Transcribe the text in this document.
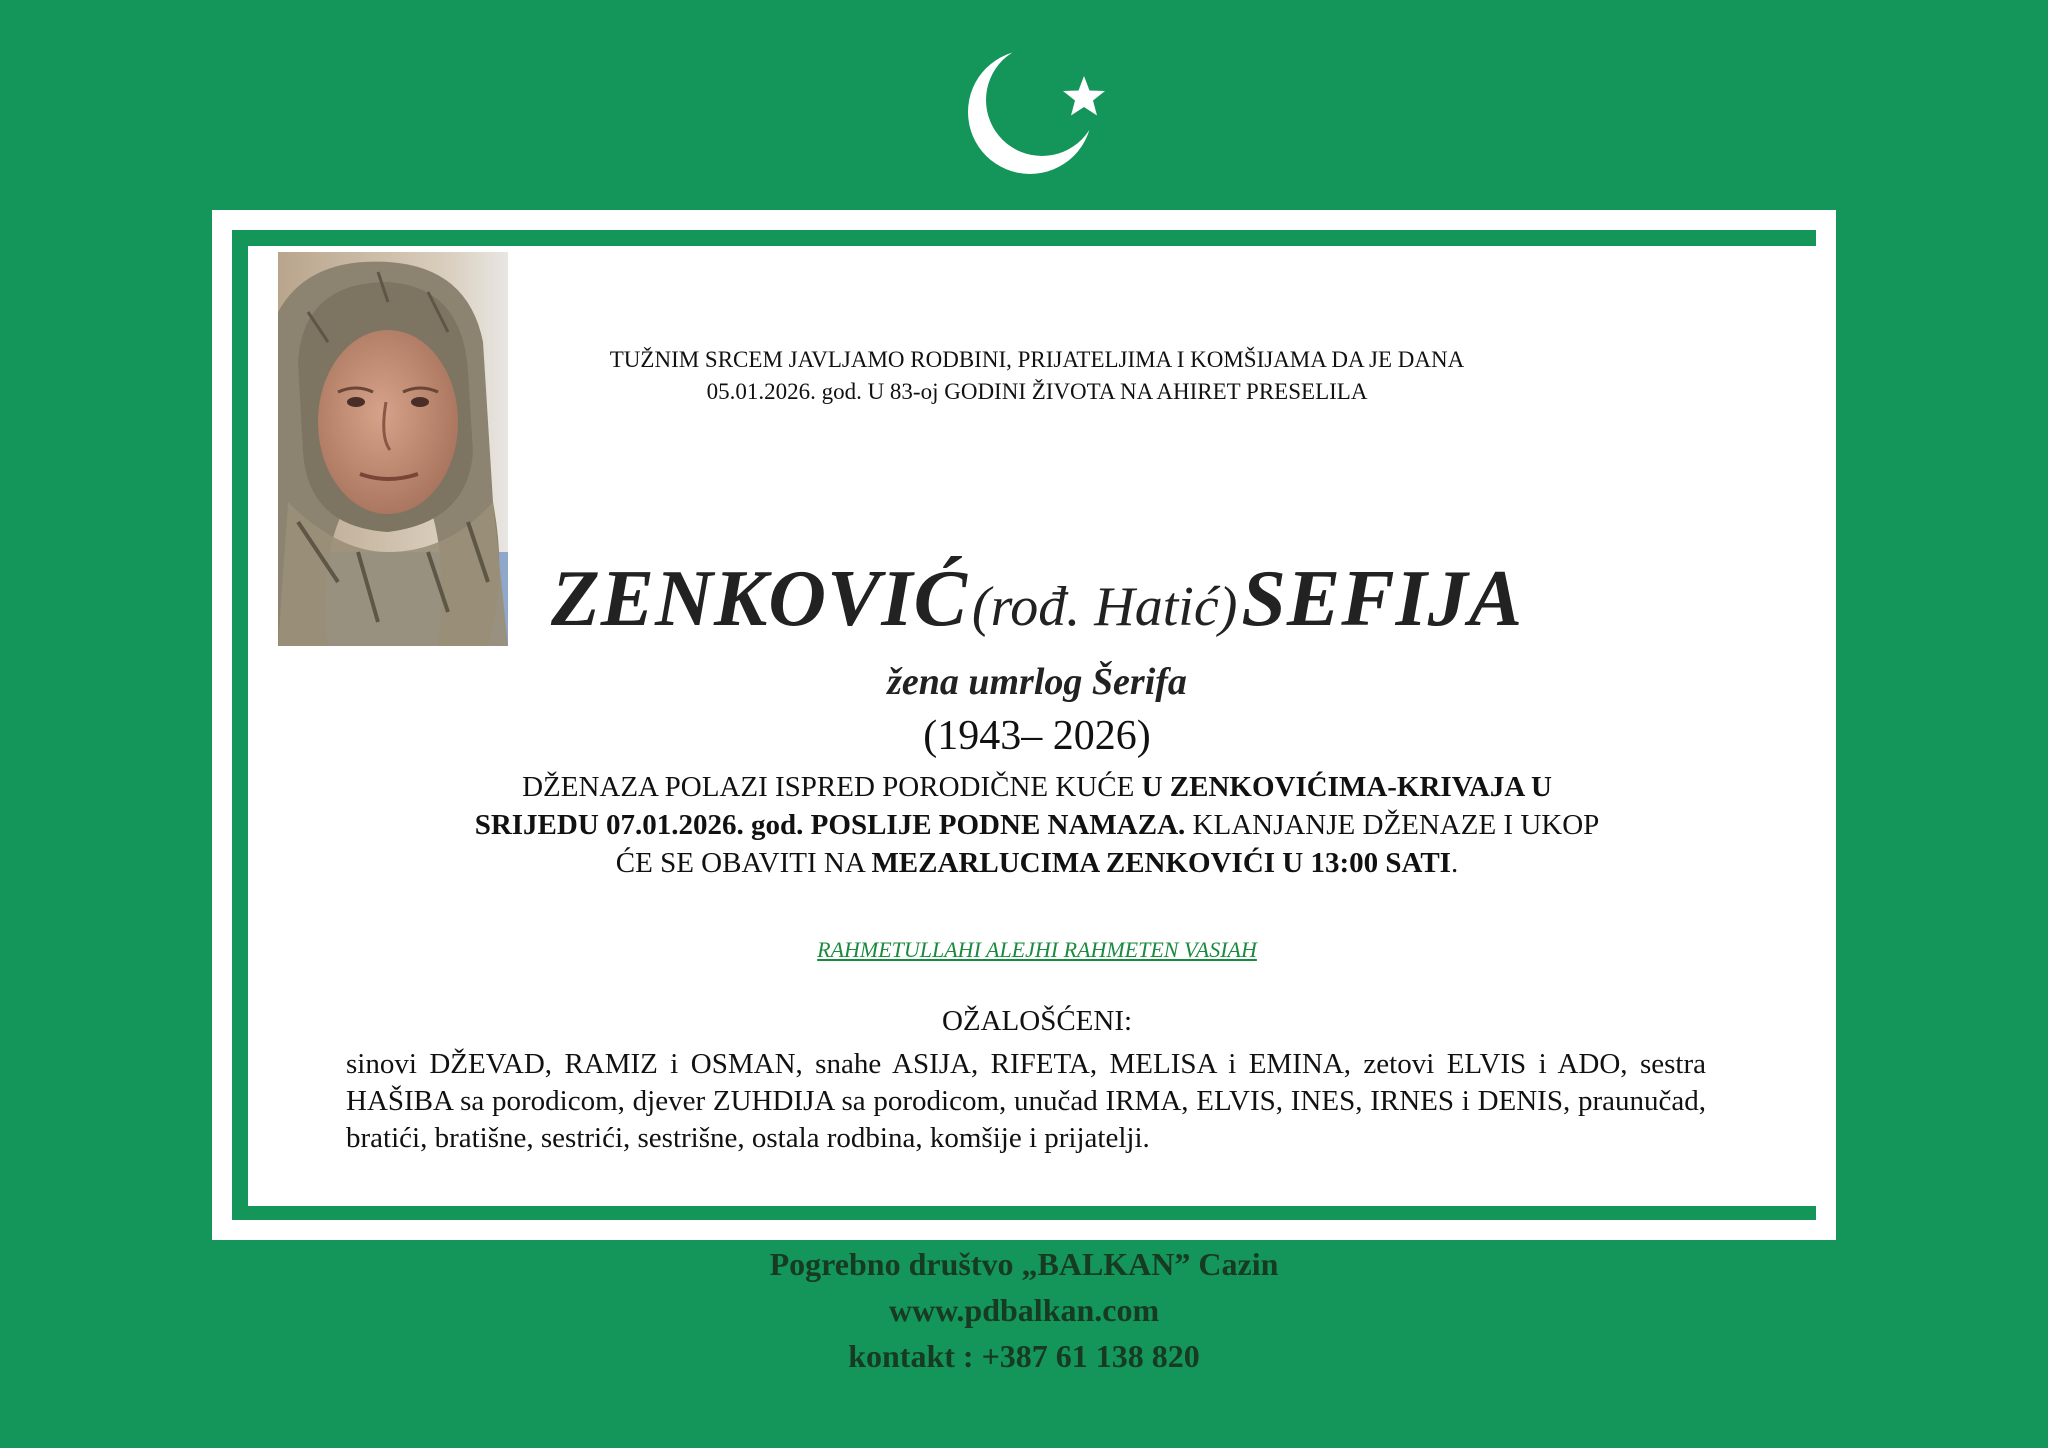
TUŽNIM SRCEM JAVLJAMO RODBINI, PRIJATELJIMA I KOMŠIJAMA DA JE DANA
05.01.2026. god. U 83-oj GODINI ŽIVOTA NA AHIRET PRESELILA
ZENKOVIĆ (rođ. Hatić) SEFIJA
žena umrlog Šerifa
(1943– 2026)
DŽENAZA POLAZI ISPRED PORODIČNE KUĆE U ZENKOVIĆIMA-KRIVAJA U
SRIJEDU 07.01.2026. god. POSLIJE PODNE NAMAZA. KLANJANJE DŽENAZE I UKOP
ĆE SE OBAVITI NA MEZARLUCIMA ZENKOVIĆI U 13:00 SATI.
RAHMETULLAHI ALEJHI RAHMETEN VASIAH
OŽALOŠĆENI:
sinovi DŽEVAD, RAMIZ i OSMAN, snahe ASIJA, RIFETA, MELISA i EMINA, zetovi ELVIS i ADO, sestra HAŠIBA sa porodicom, djever ZUHDIJA sa porodicom, unučad IRMA, ELVIS, INES, IRNES i DENIS, praunučad, bratići, bratišne, sestrići, sestrišne, ostala rodbina, komšije i prijatelji.
Pogrebno društvo „BALKAN” Cazin
www.pdbalkan.com
kontakt : +387 61 138 820
